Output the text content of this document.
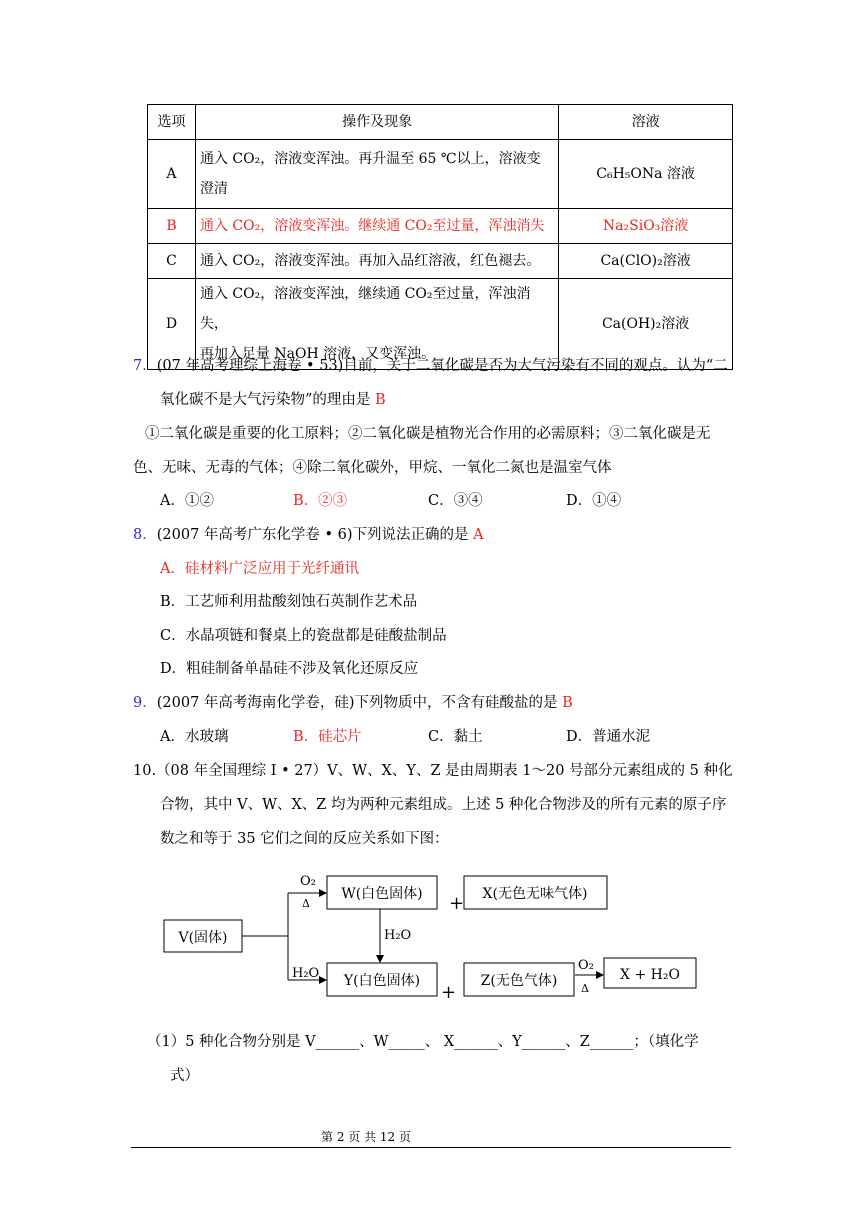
选项	操作及现象	溶液
A	通入 CO₂，溶液变浑浊。再升温至 65 ℃以上，溶液变
澄清	C₆H₅ONa 溶液
B	通入 CO₂，溶液变浑浊。继续通 CO₂至过量，浑浊消失	Na₂SiO₃溶液
C	通入 CO₂，溶液变浑浊。再加入品红溶液，红色褪去。	Ca(ClO)₂溶液
D	通入 CO₂，溶液变浑浊，继续通 CO₂至过量，浑浊消失，
再加入足量 NaOH 溶液，又变浑浊。	Ca(OH)₂溶液
7．(07 年高考理综上海卷 • 53)目前，关于二氧化碳是否为大气污染有不同的观点。认为“二
氧化碳不是大气污染物”的理由是 B
①二氧化碳是重要的化工原料；②二氧化碳是植物光合作用的必需原料；③二氧化碳是无
色、无味、无毒的气体；④除二氧化碳外，甲烷、一氧化二氮也是温室气体
A．①②	B．②③	C．③④	D．①④
8．(2007 年高考广东化学卷 • 6)下列说法正确的是 A
A．硅材料广泛应用于光纤通讯
B．工艺师利用盐酸刻蚀石英制作艺术品
C．水晶项链和餐桌上的瓷盘都是硅酸盐制品
D．粗硅制备单晶硅不涉及氧化还原反应
9．(2007 年高考海南化学卷，硅)下列物质中，不含有硅酸盐的是 B
A．水玻璃	B．硅芯片	C．黏土	D．普通水泥
10.（08 年全国理综 I • 27）V、W、X、Y、Z 是由周期表 1～20 号部分元素组成的 5 种化
合物，其中 V、W、X、Z 均为两种元素组成。上述 5 种化合物涉及的所有元素的原子序
数之和等于 35 它们之间的反应关系如下图：
V(固体)
W(白色固体)	X(无色无味气体)
Y(白色固体)	Z(无色气体)	X + H₂O
O₂
Δ
H₂O
H₂O
O₂
Δ
+
+
（1）5 种化合物分别是 V______、W_____、 X______、Y______、Z______；（填化学
式）
第 2 页 共 12 页
